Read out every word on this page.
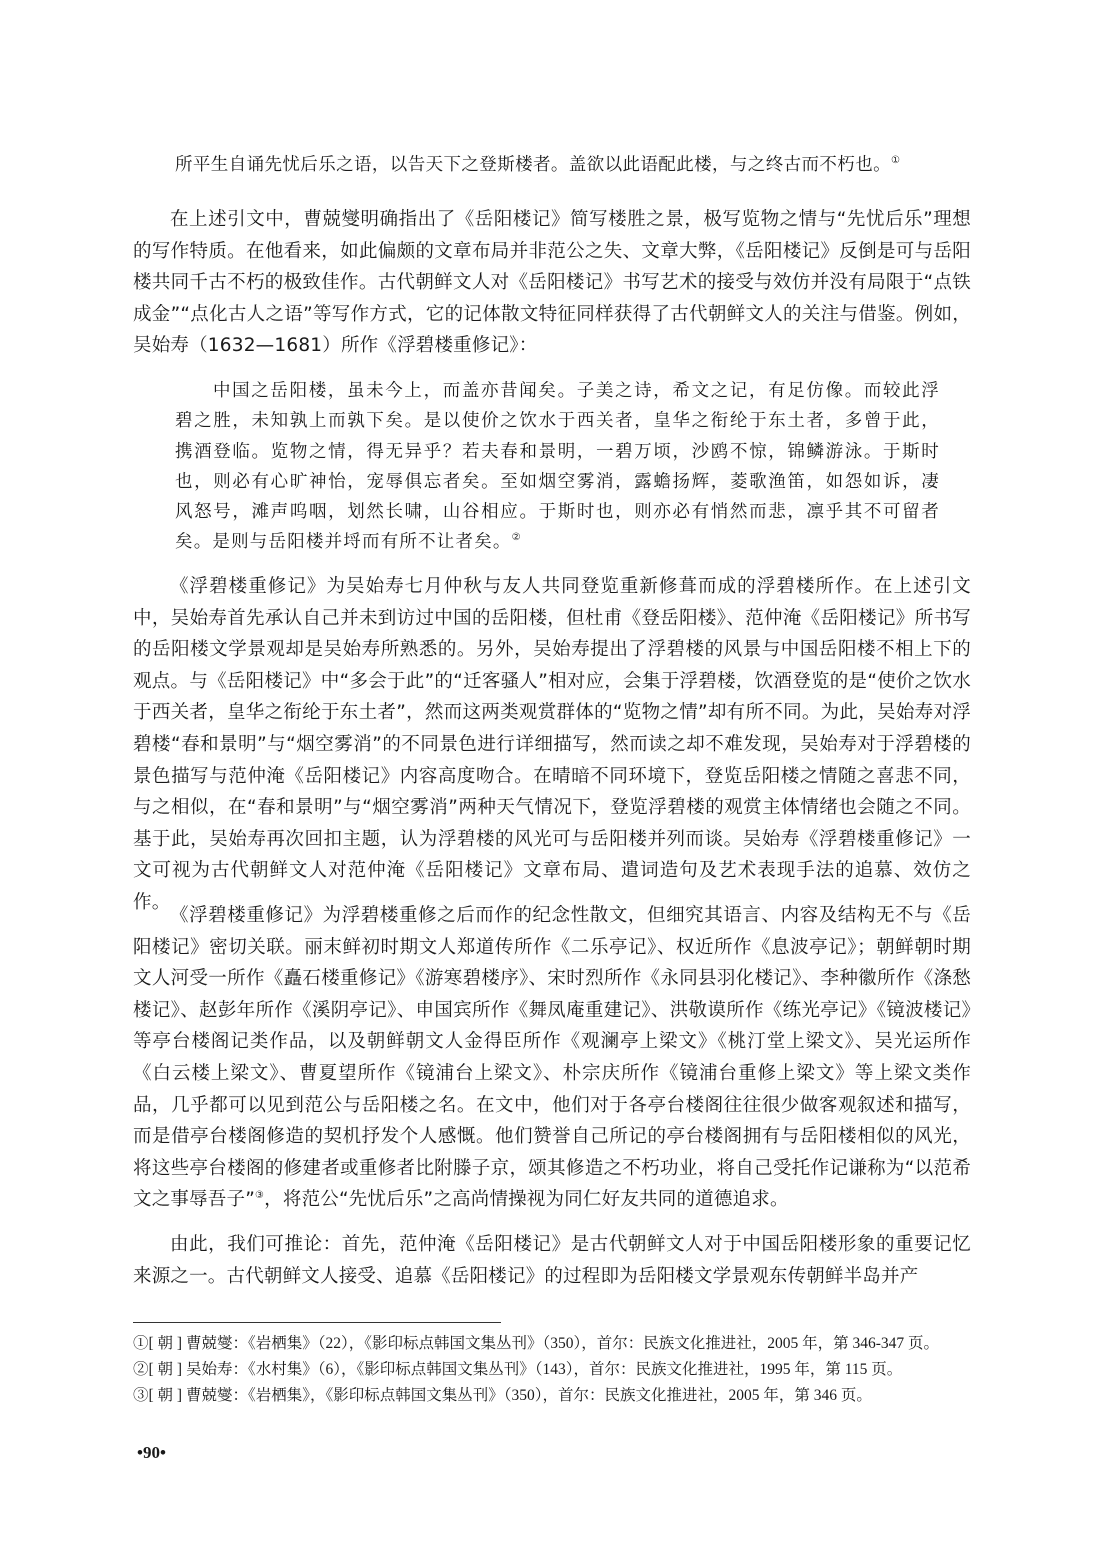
所平生自诵先忧后乐之语，以告天下之登斯楼者。盖欲以此语配此楼，与之终古而不朽也。①

在上述引文中，曹兢燮明确指出了《岳阳楼记》简写楼胜之景，极写览物之情与“先忧后乐”理想的写作特质。在他看来，如此偏颇的文章布局并非范公之失、文章大弊，《岳阳楼记》反倒是可与岳阳楼共同千古不朽的极致佳作。古代朝鲜文人对《岳阳楼记》书写艺术的接受与效仿并没有局限于“点铁成金”“点化古人之语”等写作方式，它的记体散文特征同样获得了古代朝鲜文人的关注与借鉴。例如，吴始寿（1632—1681）所作《浮碧楼重修记》：

中国之岳阳楼，虽未今上，而盖亦昔闻矣。子美之诗，希文之记，有足仿像。而较此浮碧之胜，未知孰上而孰下矣。是以使价之饮水于西关者，皇华之衔纶于东土者，多曾于此，携酒登临。览物之情，得无异乎？若夫春和景明，一碧万顷，沙鸥不惊，锦鳞游泳。于斯时也，则必有心旷神怡，宠辱俱忘者矣。至如烟空雾消，露蟾扬辉，菱歌渔笛，如怨如诉，凄风怒号，滩声呜咽，划然长啸，山谷相应。于斯时也，则亦必有悄然而悲，凛乎其不可留者矣。是则与岳阳楼并埒而有所不让者矣。②

《浮碧楼重修记》为吴始寿七月仲秋与友人共同登览重新修葺而成的浮碧楼所作。在上述引文中，吴始寿首先承认自己并未到访过中国的岳阳楼，但杜甫《登岳阳楼》、范仲淹《岳阳楼记》所书写的岳阳楼文学景观却是吴始寿所熟悉的。另外，吴始寿提出了浮碧楼的风景与中国岳阳楼不相上下的观点。与《岳阳楼记》中“多会于此”的“迁客骚人”相对应，会集于浮碧楼，饮酒登览的是“使价之饮水于西关者，皇华之衔纶于东土者”，然而这两类观赏群体的“览物之情”却有所不同。为此，吴始寿对浮碧楼“春和景明”与“烟空雾消”的不同景色进行详细描写，然而读之却不难发现，吴始寿对于浮碧楼的景色描写与范仲淹《岳阳楼记》内容高度吻合。在晴暗不同环境下，登览岳阳楼之情随之喜悲不同，与之相似，在“春和景明”与“烟空雾消”两种天气情况下，登览浮碧楼的观赏主体情绪也会随之不同。基于此，吴始寿再次回扣主题，认为浮碧楼的风光可与岳阳楼并列而谈。吴始寿《浮碧楼重修记》一文可视为古代朝鲜文人对范仲淹《岳阳楼记》文章布局、遣词造句及艺术表现手法的追慕、效仿之作。

《浮碧楼重修记》为浮碧楼重修之后而作的纪念性散文，但细究其语言、内容及结构无不与《岳阳楼记》密切关联。丽末鲜初时期文人郑道传所作《二乐亭记》、权近所作《息波亭记》；朝鲜朝时期文人河受一所作《矗石楼重修记》《游寒碧楼序》、宋时烈所作《永同县羽化楼记》、李种徽所作《涤愁楼记》、赵彭年所作《溪阴亭记》、申国宾所作《舞凤庵重建记》、洪敬谟所作《练光亭记》《镜波楼记》等亭台楼阁记类作品，以及朝鲜朝文人金得臣所作《观澜亭上梁文》《桃汀堂上梁文》、吴光运所作《白云楼上梁文》、曹夏望所作《镜浦台上梁文》、朴宗庆所作《镜浦台重修上梁文》等上梁文类作品，几乎都可以见到范公与岳阳楼之名。在文中，他们对于各亭台楼阁往往很少做客观叙述和描写，而是借亭台楼阁修造的契机抒发个人感慨。他们赞誉自己所记的亭台楼阁拥有与岳阳楼相似的风光，将这些亭台楼阁的修建者或重修者比附滕子京，颂其修造之不朽功业，将自己受托作记谦称为“以范希文之事辱吾子”③，将范公“先忧后乐”之高尚情操视为同仁好友共同的道德追求。

由此，我们可推论：首先，范仲淹《岳阳楼记》是古代朝鲜文人对于中国岳阳楼形象的重要记忆来源之一。古代朝鲜文人接受、追慕《岳阳楼记》的过程即为岳阳楼文学景观东传朝鲜半岛并产

①[ 朝 ] 曹兢燮：《岩栖集》（22），《影印标点韩国文集丛刊》（350），首尔：民族文化推进社，2005 年，第 346-347 页。
②[ 朝 ] 吴始寿：《水村集》（6），《影印标点韩国文集丛刊》（143），首尔：民族文化推进社，1995 年，第 115 页。
③[ 朝 ] 曹兢燮：《岩栖集》，《影印标点韩国文集丛刊》（350），首尔：民族文化推进社，2005 年，第 346 页。
•90•
